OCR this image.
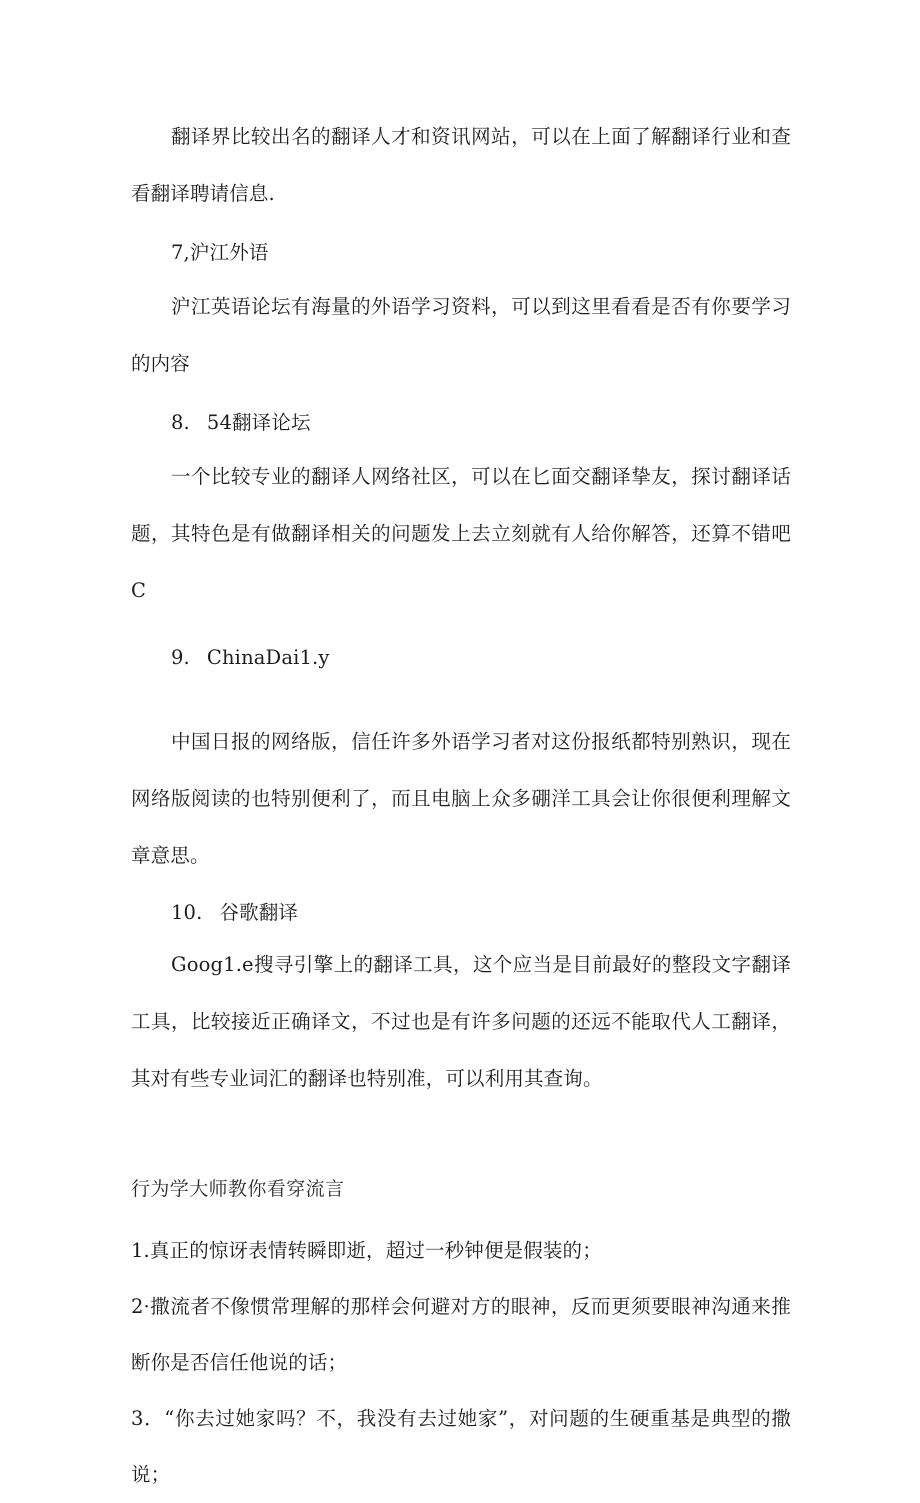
翻译界比较出名的翻译人才和资讯网站，可以在上面了解翻译行业和查看翻译聘请信息.

7,沪江外语

沪江英语论坛有海量的外语学习资料，可以到这里看看是否有你要学习的内容

8. 54翻译论坛

一个比较专业的翻译人网络社区，可以在匕面交翻译挚友，探讨翻译话题，其特色是有做翻译相关的问题发上去立刻就有人给你解答，还算不错吧C

9. ChinaDai1.y

中国日报的网络版，信任许多外语学习者对这份报纸都特别熟识，现在网络版阅读的也特别便利了，而且电脑上众多硼洋工具会让你很便利理解文章意思。

10. 谷歌翻译

Goog1.e搜寻引擎上的翻译工具，这个应当是目前最好的整段文字翻译工具，比较接近正确译文，不过也是有许多问题的还远不能取代人工翻译，其对有些专业词汇的翻译也特别准，可以利用其查询。

行为学大师教你看穿流言

1.真正的惊讶表情转瞬即逝，超过一秒钟便是假装的；

2·撒流者不像惯常理解的那样会何避对方的眼神，反而更须要眼神沟通来推断你是否信任他说的话；

3．“你去过她家吗？不，我没有去过她家”，对问题的生硬重基是典型的撒说；
